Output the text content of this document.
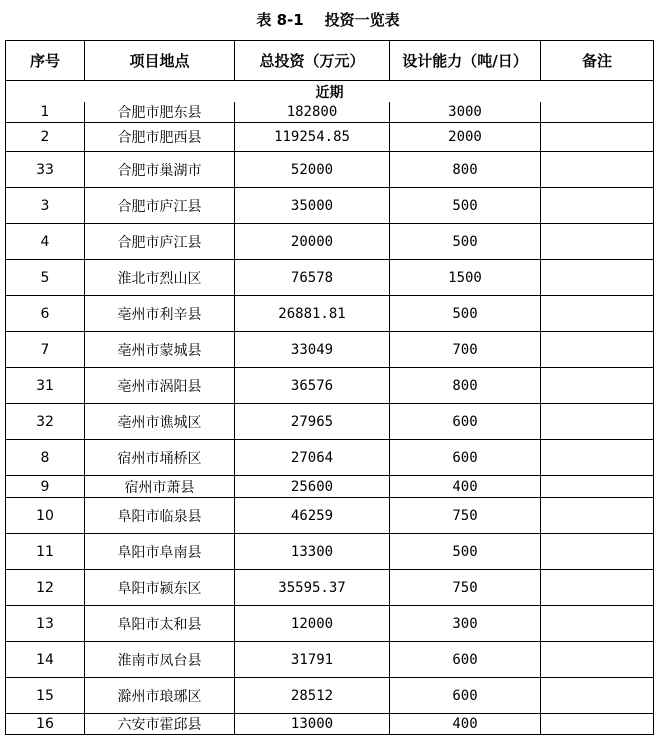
表 8-1    投资一览表
序号	项目地点	总投资（万元）	设计能力（吨/日）	备注
近期				
1	合肥市肥东县	182800	3000	
2	合肥市肥西县	119254.85	2000	
33	合肥市巢湖市	52000	800	
3	合肥市庐江县	35000	500	
4	合肥市庐江县	20000	500	
5	淮北市烈山区	76578	1500	
6	亳州市利辛县	26881.81	500	
7	亳州市蒙城县	33049	700	
31	亳州市涡阳县	36576	800	
32	亳州市谯城区	27965	600	
8	宿州市埇桥区	27064	600	
9	宿州市萧县	25600	400	
10	阜阳市临泉县	46259	750	
11	阜阳市阜南县	13300	500	
12	阜阳市颍东区	35595.37	750	
13	阜阳市太和县	12000	300	
14	淮南市凤台县	31791	600	
15	滁州市琅琊区	28512	600	
16	六安市霍邱县	13000	400	
